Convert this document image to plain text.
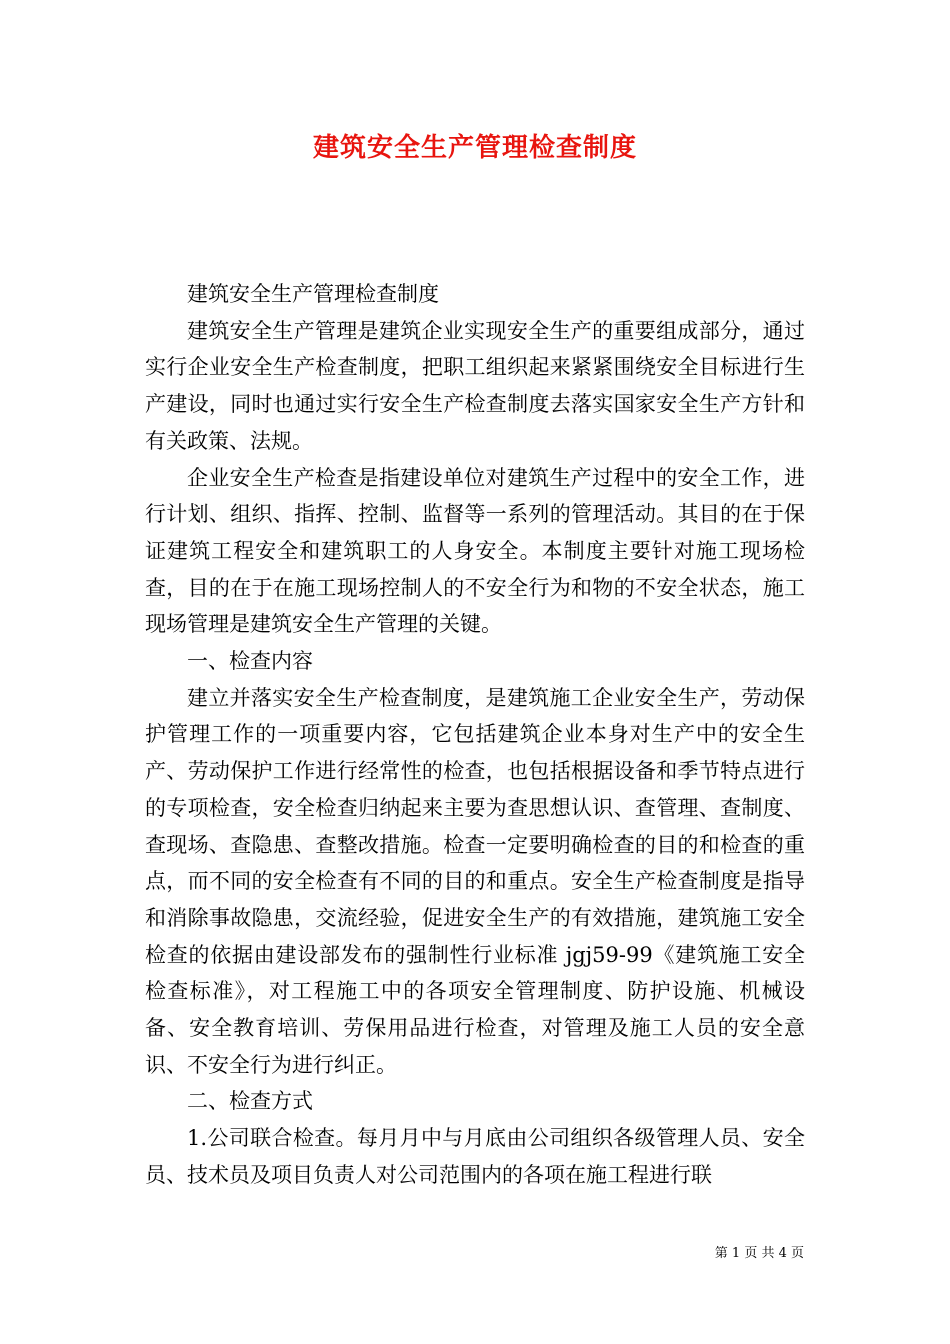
建筑安全生产管理检查制度

建筑安全生产管理检查制度

建筑安全生产管理是建筑企业实现安全生产的重要组成部分，通过实行企业安全生产检查制度，把职工组织起来紧紧围绕安全目标进行生产建设，同时也通过实行安全生产检查制度去落实国家安全生产方针和有关政策、法规。

企业安全生产检查是指建设单位对建筑生产过程中的安全工作，进行计划、组织、指挥、控制、监督等一系列的管理活动。其目的在于保证建筑工程安全和建筑职工的人身安全。本制度主要针对施工现场检查，目的在于在施工现场控制人的不安全行为和物的不安全状态，施工现场管理是建筑安全生产管理的关键。

一、检查内容

建立并落实安全生产检查制度，是建筑施工企业安全生产，劳动保护管理工作的一项重要内容，它包括建筑企业本身对生产中的安全生产、劳动保护工作进行经常性的检查，也包括根据设备和季节特点进行的专项检查，安全检查归纳起来主要为查思想认识、查管理、查制度、查现场、查隐患、查整改措施。检查一定要明确检查的目的和检查的重点，而不同的安全检查有不同的目的和重点。安全生产检查制度是指导和消除事故隐患，交流经验，促进安全生产的有效措施，建筑施工安全检查的依据由建设部发布的强制性行业标准 jgj59-99《建筑施工安全检查标准》，对工程施工中的各项安全管理制度、防护设施、机械设备、安全教育培训、劳保用品进行检查，对管理及施工人员的安全意识、不安全行为进行纠正。

二、检查方式

1.公司联合检查。每月月中与月底由公司组织各级管理人员、安全员、技术员及项目负责人对公司范围内的各项在施工程进行联

第 1 页 共 4 页
